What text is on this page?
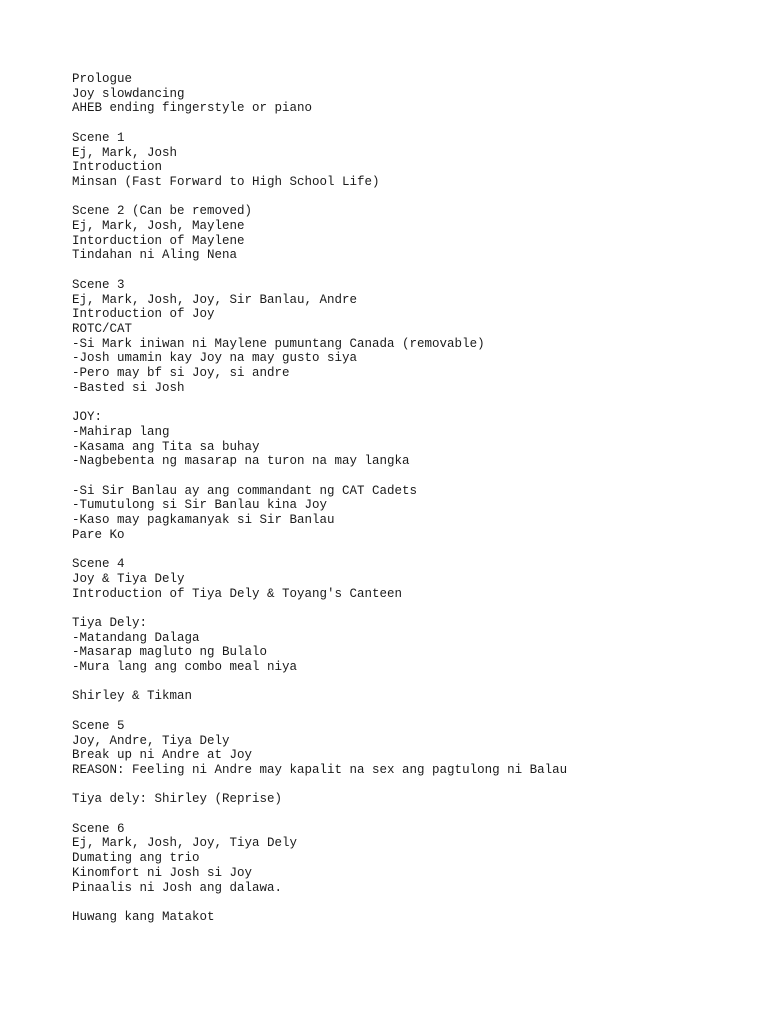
Prologue
Joy slowdancing
AHEB ending fingerstyle or piano
Scene 1
Ej, Mark, Josh
Introduction
Minsan (Fast Forward to High School Life)
Scene 2 (Can be removed)
Ej, Mark, Josh, Maylene
Intorduction of Maylene
Tindahan ni Aling Nena
Scene 3
Ej, Mark, Josh, Joy, Sir Banlau, Andre
Introduction of Joy
ROTC/CAT
-Si Mark iniwan ni Maylene pumuntang Canada (removable)
-Josh umamin kay Joy na may gusto siya
-Pero may bf si Joy, si andre
-Basted si Josh
JOY:
-Mahirap lang
-Kasama ang Tita sa buhay
-Nagbebenta ng masarap na turon na may langka
-Si Sir Banlau ay ang commandant ng CAT Cadets
-Tumutulong si Sir Banlau kina Joy
-Kaso may pagkamanyak si Sir Banlau
Pare Ko
Scene 4
Joy & Tiya Dely
Introduction of Tiya Dely & Toyang's Canteen
Tiya Dely:
-Matandang Dalaga
-Masarap magluto ng Bulalo
-Mura lang ang combo meal niya
Shirley & Tikman
Scene 5
Joy, Andre, Tiya Dely
Break up ni Andre at Joy
REASON: Feeling ni Andre may kapalit na sex ang pagtulong ni Balau
Tiya dely: Shirley (Reprise)
Scene 6
Ej, Mark, Josh, Joy, Tiya Dely
Dumating ang trio
Kinomfort ni Josh si Joy
Pinaalis ni Josh ang dalawa.
Huwang kang Matakot
